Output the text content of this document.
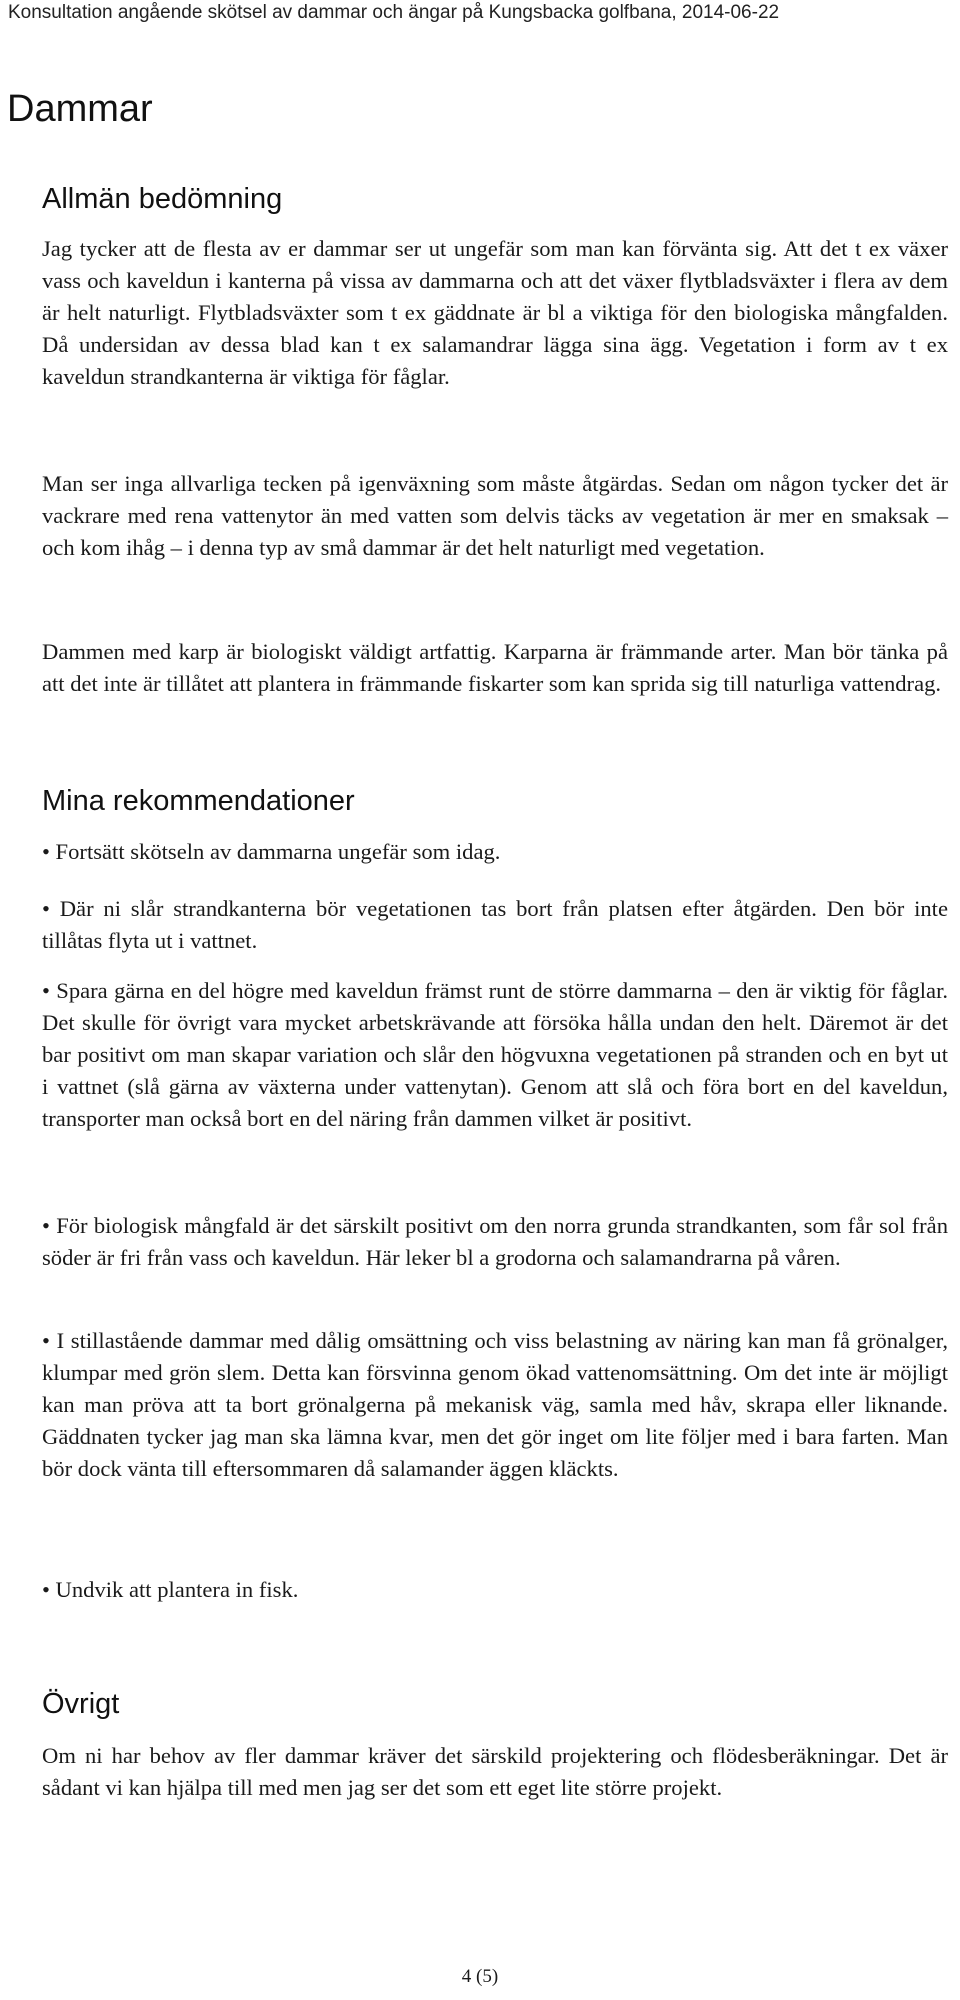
Konsultation angående skötsel av dammar och ängar på Kungsbacka golfbana, 2014-06-22
Dammar
Allmän bedömning

Jag tycker att de flesta av er dammar ser ut ungefär som man kan förvänta sig. Att det t ex växer vass och kaveldun i kanterna på vissa av dammarna och att det växer flytbladsväxter i flera av dem är helt naturligt. Flytbladsväxter som t ex gäddnate är bl a viktiga för den biologiska mångfalden. Då undersidan av dessa blad kan t ex salamandrar lägga sina ägg. Vegetation i form av t ex kaveldun strandkanterna är viktiga för fåglar.

Man ser inga allvarliga tecken på igenväxning som måste åtgärdas. Sedan om någon tycker det är vackrare med rena vattenytor än med vatten som delvis täcks av vegetation är mer en smaksak – och kom ihåg – i denna typ av små dammar är det helt naturligt med vegetation.

Dammen med karp är biologiskt väldigt artfattig. Karparna är främmande arter. Man bör tänka på att det inte är tillåtet att plantera in främmande fiskarter som kan sprida sig till naturliga vattendrag.

Mina rekommendationer

• Fortsätt skötseln av dammarna ungefär som idag.

• Där ni slår strandkanterna bör vegetationen tas bort från platsen efter åtgärden. Den bör inte tillåtas flyta ut i vattnet.

• Spara gärna en del högre med kaveldun främst runt de större dammarna – den är viktig för fåglar. Det skulle för övrigt vara mycket arbetskrävande att försöka hålla undan den helt. Däremot är det bar positivt om man skapar variation och slår den högvuxna vegetationen på stranden och en byt ut i vattnet (slå gärna av växterna under vattenytan). Genom att slå och föra bort en del kaveldun, transporter man också bort en del näring från dammen vilket är positivt.

• För biologisk mångfald är det särskilt positivt om den norra grunda strandkanten, som får sol från söder är fri från vass och kaveldun. Här leker bl a grodorna och salamandrarna på våren.

• I stillastående dammar med dålig omsättning och viss belastning av näring kan man få grönalger, klumpar med grön slem. Detta kan försvinna genom ökad vattenomsättning. Om det inte är möjligt kan man pröva att ta bort grönalgerna på mekanisk väg, samla med håv, skrapa eller liknande. Gäddnaten tycker jag man ska lämna kvar, men det gör inget om lite följer med i bara farten. Man bör dock vänta till eftersommaren då salamander äggen kläckts.

• Undvik att plantera in fisk.

Övrigt

Om ni har behov av fler dammar kräver det särskild projektering och flödesberäkningar. Det är sådant vi kan hjälpa till med men jag ser det som ett eget lite större projekt.

4 (5)
